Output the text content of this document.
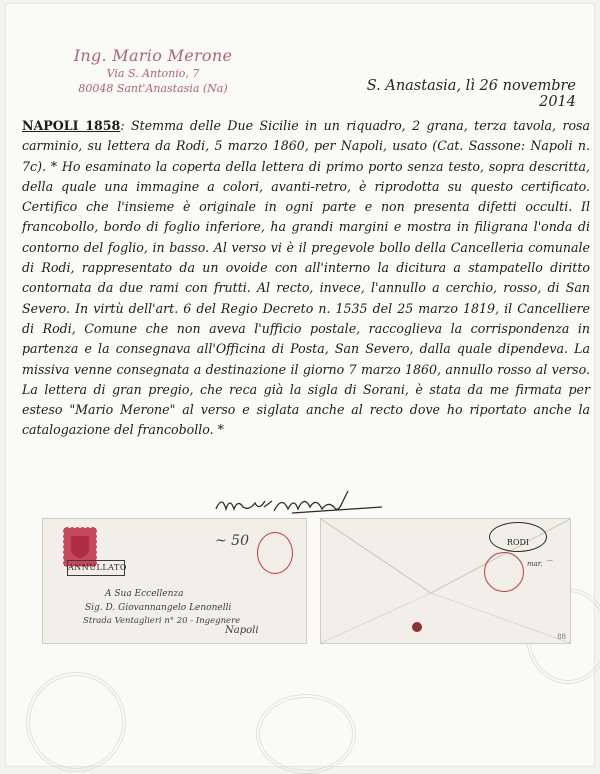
Ing. Mario Merone
Via S. Antonio, 7
80048 Sant'Anastasia (Na)	S. Anastasia, lì 26 novembre 2014
NAPOLI 1858: Stemma delle Due Sicilie in un riquadro, 2 grana, terza tavola, rosa carminio, su lettera da Rodi, 5 marzo 1860, per Napoli, usato (Cat. Sassone: Napoli n. 7c). * Ho esaminato la coperta della lettera di primo porto senza testo, sopra descritta, della quale una immagine a colori, avanti-retro, è riprodotta su questo certificato. Certifico che l'insieme è originale in ogni parte e non presenta difetti occulti. Il francobollo, bordo di foglio inferiore, ha grandi margini e mostra in filigrana l'onda di contorno del foglio, in basso. Al verso vi è il pregevole bollo della Cancelleria comunale di Rodi, rappresentato da un ovoide con all'interno la dicitura a stampatello diritto contornata da due rami con frutti. Al recto, invece, l'annullo a cerchio, rosso, di San Severo. In virtù dell'art. 6 del Regio Decreto n. 1535 del 25 marzo 1819, il Cancelliere di Rodi, Comune che non aveva l'ufficio postale, raccoglieva la corrispondenza in partenza e la consegnava all'Officina di Posta, San Severo, dalla quale dipendeva. La missiva venne consegnata a destinazione il giorno 7 marzo 1860, annullo rosso al verso. La lettera di gran pregio, che reca già la sigla di Sorani, è stata da me firmata per esteso "Mario Merone" al verso e siglata anche al recto dove ho riportato anche la catalogazione del francobollo. *
ANNULLATO
~ 50
A Sua Eccellenza
Sig. D. Giovannangelo Lenonelli
Strada Ventaglieri n° 20 - Ingegnere
Napoli
RODI
mar. ⌒
88
